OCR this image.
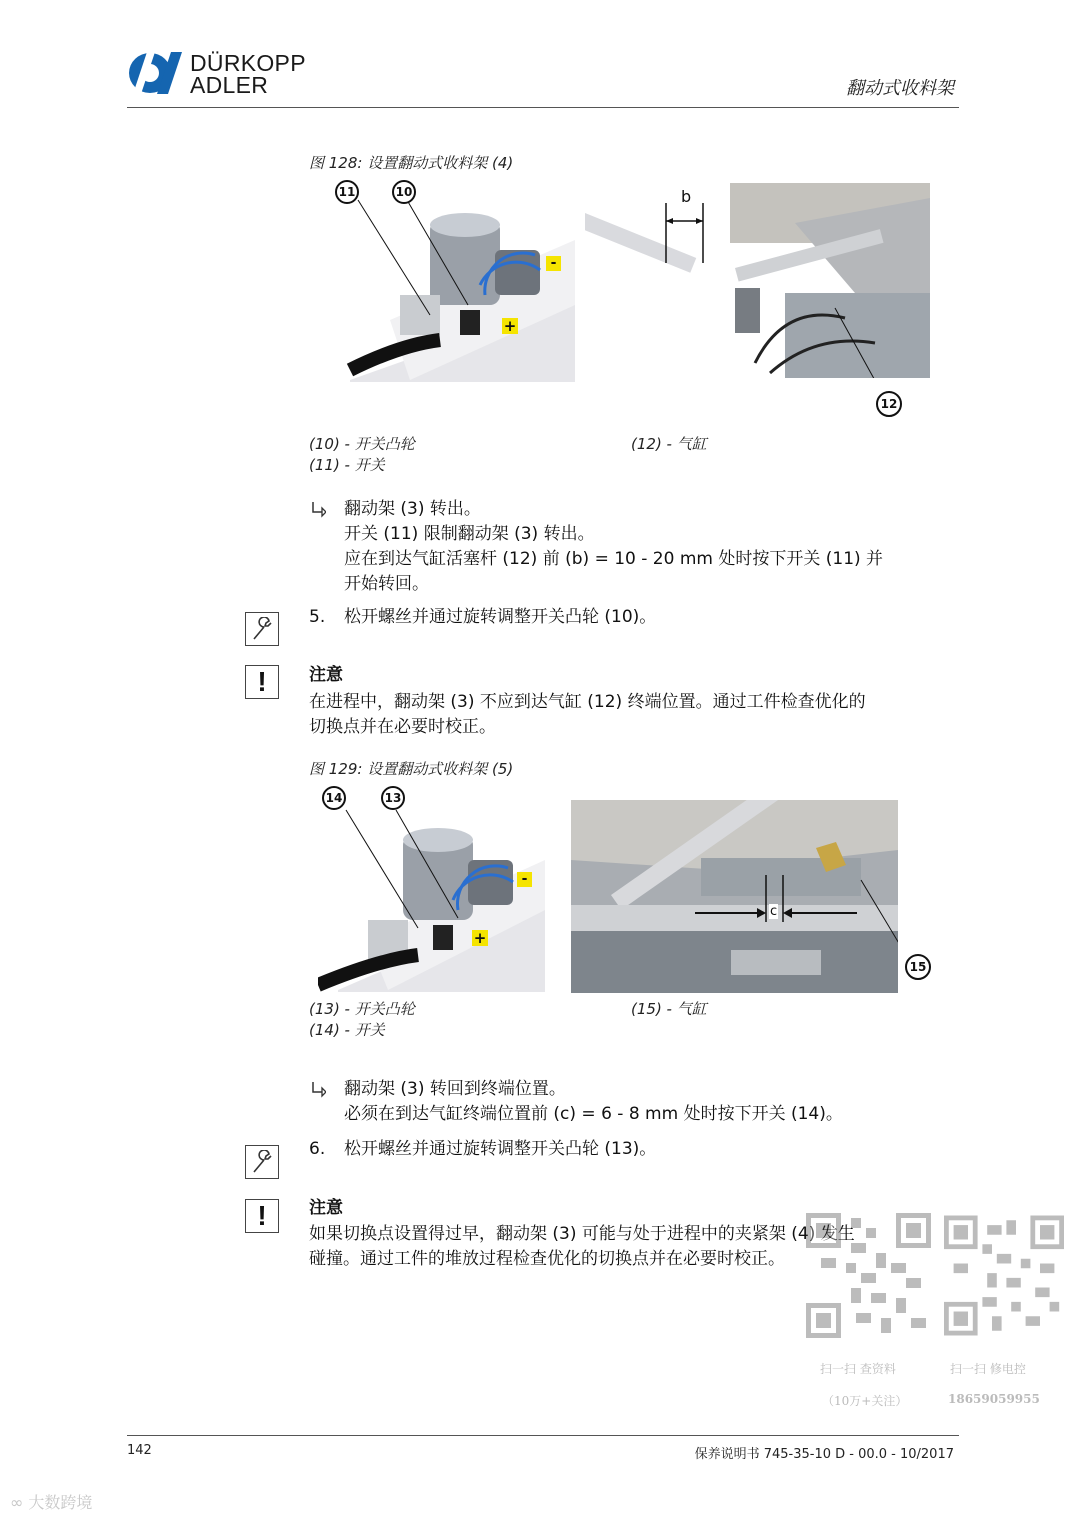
DÜRKOPP
ADLER	翻动式收料架
图 128: 设置翻动式收料架 (4)
-
+
11	10	b
12
(10) - 开关凸轮
(11) - 开关
(12) - 气缸
翻动架 (3) 转出。
开关 (11) 限制翻动架 (3) 转出。
应在到达气缸活塞杆 (12) 前 (b) = 10 - 20 mm 处时按下开关 (11) 并
开始转回。
5. 松开螺丝并通过旋转调整开关凸轮 (10)。
! 注意
在进程中，翻动架 (3) 不应到达气缸 (12) 终端位置。通过工件检查优化的
切换点并在必要时校正。
图 129: 设置翻动式收料架 (5)
-
+
14	13
c
15
(13) - 开关凸轮
(14) - 开关
(15) - 气缸
翻动架 (3) 转回到终端位置。
必须在到达气缸终端位置前 (c) = 6 - 8 mm 处时按下开关 (14)。
6. 松开螺丝并通过旋转调整开关凸轮 (13)。
! 注意
如果切换点设置得过早，翻动架 (3) 可能与处于进程中的夹紧架 (4) 发生
碰撞。通过工件的堆放过程检查优化的切换点并在必要时校正。
扫一扫 查资料
（10万+关注）
扫一扫 修电控
18659059955
142	保养说明书 745-35-10 D - 00.0 - 10/2017
∞ 大数跨境
